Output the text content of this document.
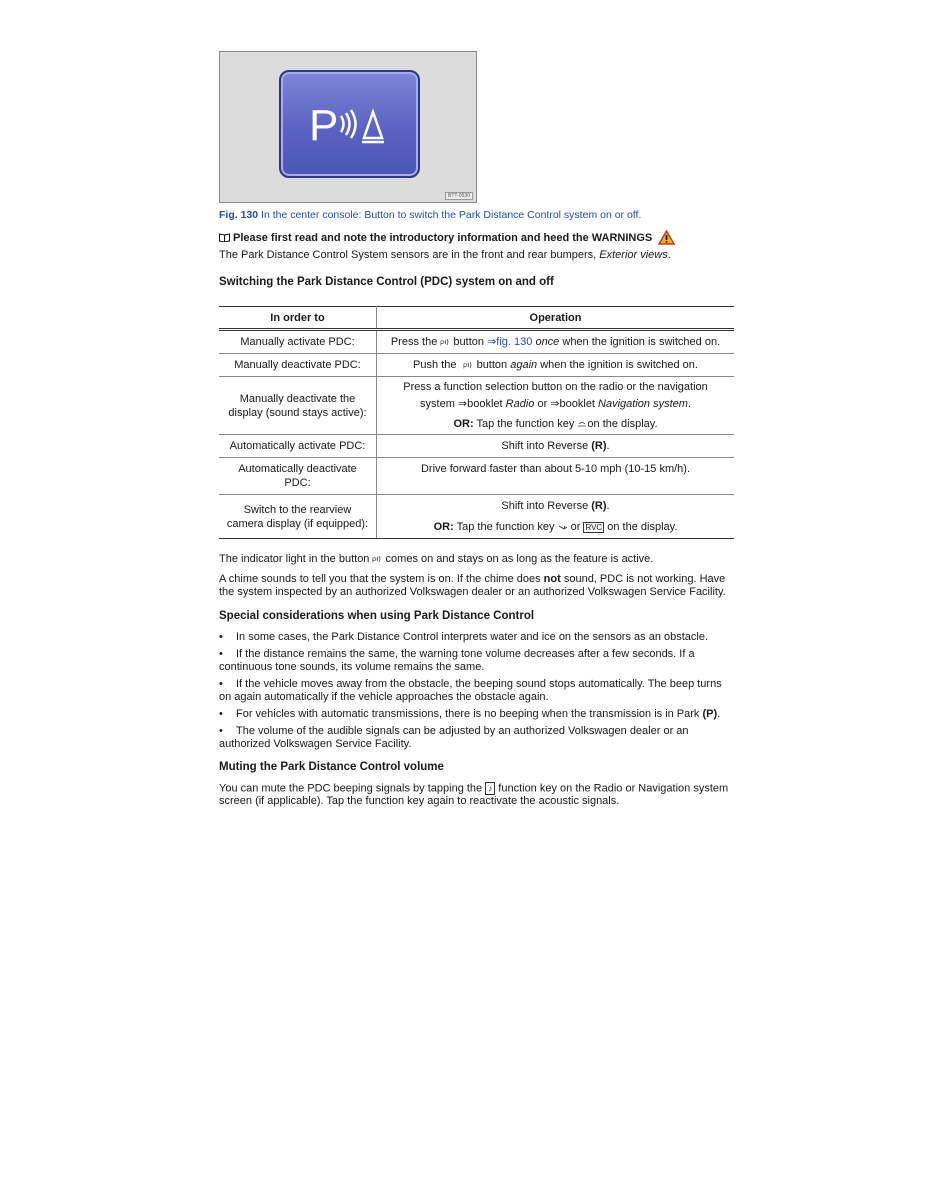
P
BTT-0530
Fig. 130 In the center console: Button to switch the Park Distance Control system on or off.
Please first read and note the introductory information and heed the WARNINGS

The Park Distance Control System sensors are in the front and rear bumpers, Exterior views.

Switching the Park Distance Control (PDC) system on and off
In order to	Operation
Manually activate PDC:	Press the P button ⇒fig. 130 once when the ignition is switched on.
Manually deactivate PDC:	Push the P button again when the ignition is switched on.
Manually deactivate the display (sound stays active):	Press a function selection button on the radio or the navigation
system ⇒booklet Radio or ⇒booklet Navigation system.
OR: Tap the function key on the display.

Automatically activate PDC:	Shift into Reverse (R).
Automatically deactivate PDC:	Drive forward faster than about 5-10 mph (10-15 km/h).
Switch to the rearview camera display (if equipped):	Shift into Reverse (R).
OR: Tap the function key  or RVC on the display.

The indicator light in the button P comes on and stays on as long as the feature is active.

A chime sounds to tell you that the system is on. If the chime does not sound, PDC is not working. Have the system inspected by an authorized Volkswagen dealer or an authorized Volkswagen Service Facility.

Special considerations when using Park Distance Control
• In some cases, the Park Distance Control interprets water and ice on the sensors as an obstacle.
• If the distance remains the same, the warning tone volume decreases after a few seconds. If a continuous tone sounds, its volume remains the same.
• If the vehicle moves away from the obstacle, the beeping sound stops automatically. The beep turns on again automatically if the vehicle approaches the obstacle again.
• For vehicles with automatic transmissions, there is no beeping when the transmission is in Park (P).
• The volume of the audible signals can be adjusted by an authorized Volkswagen dealer or an authorized Volkswagen Service Facility.
Muting the Park Distance Control volume

You can mute the PDC beeping signals by tapping the ♪ function key on the Radio or Navigation system screen (if applicable). Tap the function key again to reactivate the acoustic signals.
